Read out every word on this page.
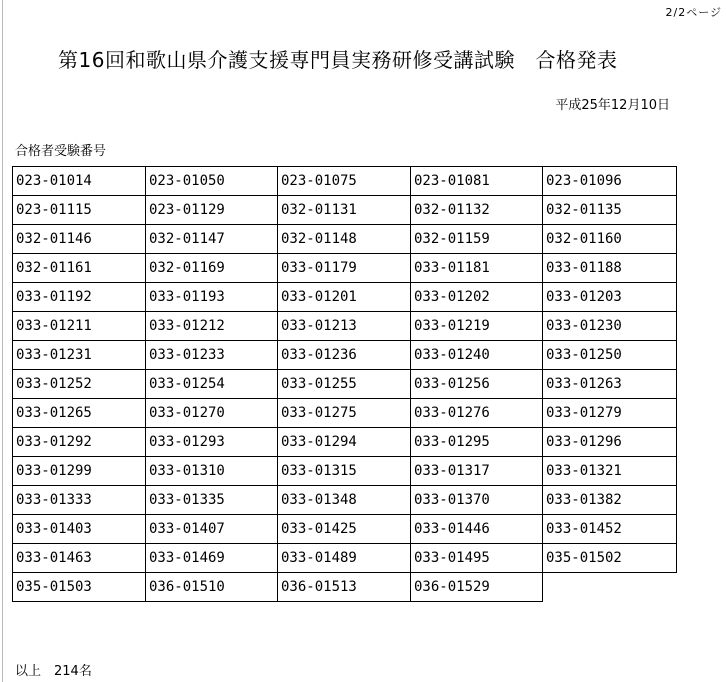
2/2ページ
第16回和歌山県介護支援専門員実務研修受講試験　合格発表
平成25年12月10日
合格者受験番号
023-01014	023-01050	023-01075	023-01081	023-01096
023-01115	023-01129	032-01131	032-01132	032-01135
032-01146	032-01147	032-01148	032-01159	032-01160
032-01161	032-01169	033-01179	033-01181	033-01188
033-01192	033-01193	033-01201	033-01202	033-01203
033-01211	033-01212	033-01213	033-01219	033-01230
033-01231	033-01233	033-01236	033-01240	033-01250
033-01252	033-01254	033-01255	033-01256	033-01263
033-01265	033-01270	033-01275	033-01276	033-01279
033-01292	033-01293	033-01294	033-01295	033-01296
033-01299	033-01310	033-01315	033-01317	033-01321
033-01333	033-01335	033-01348	033-01370	033-01382
033-01403	033-01407	033-01425	033-01446	033-01452
033-01463	033-01469	033-01489	033-01495	035-01502
035-01503	036-01510	036-01513	036-01529
以上　214名
